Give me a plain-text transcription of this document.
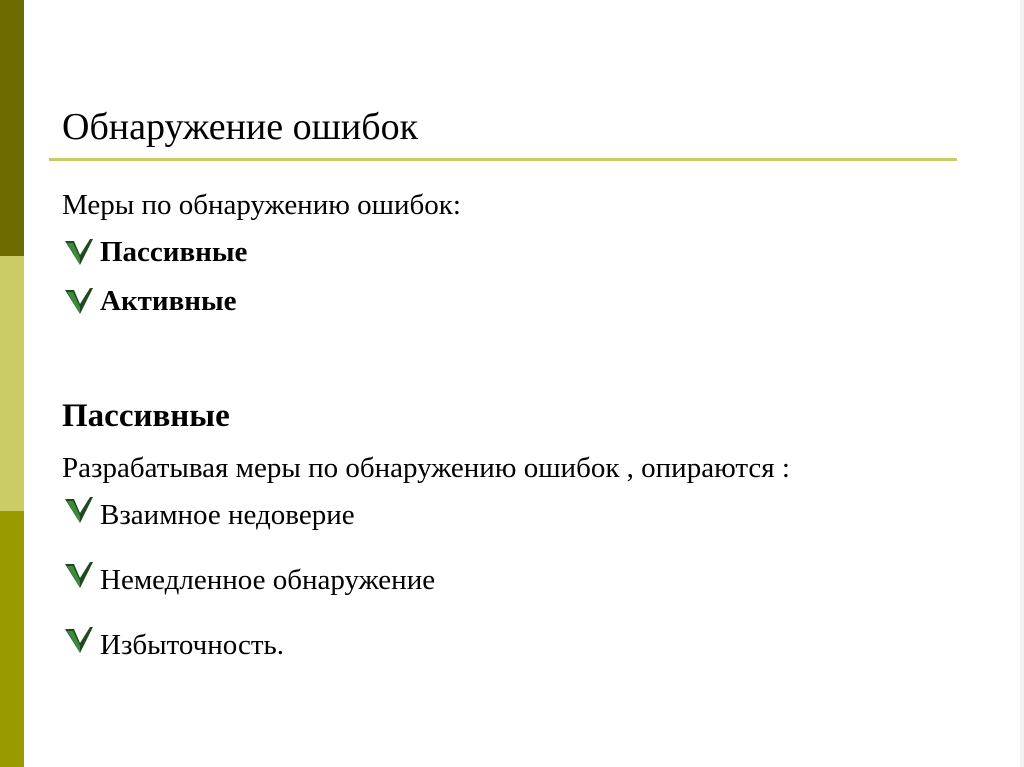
Обнаружение ошибок
Меры по обнаружению ошибок:
Пассивные
Активные
Пассивные
Разрабатывая меры по обнаружению ошибок , опираются :
Взаимное недоверие
Немедленное обнаружение
Избыточность.
